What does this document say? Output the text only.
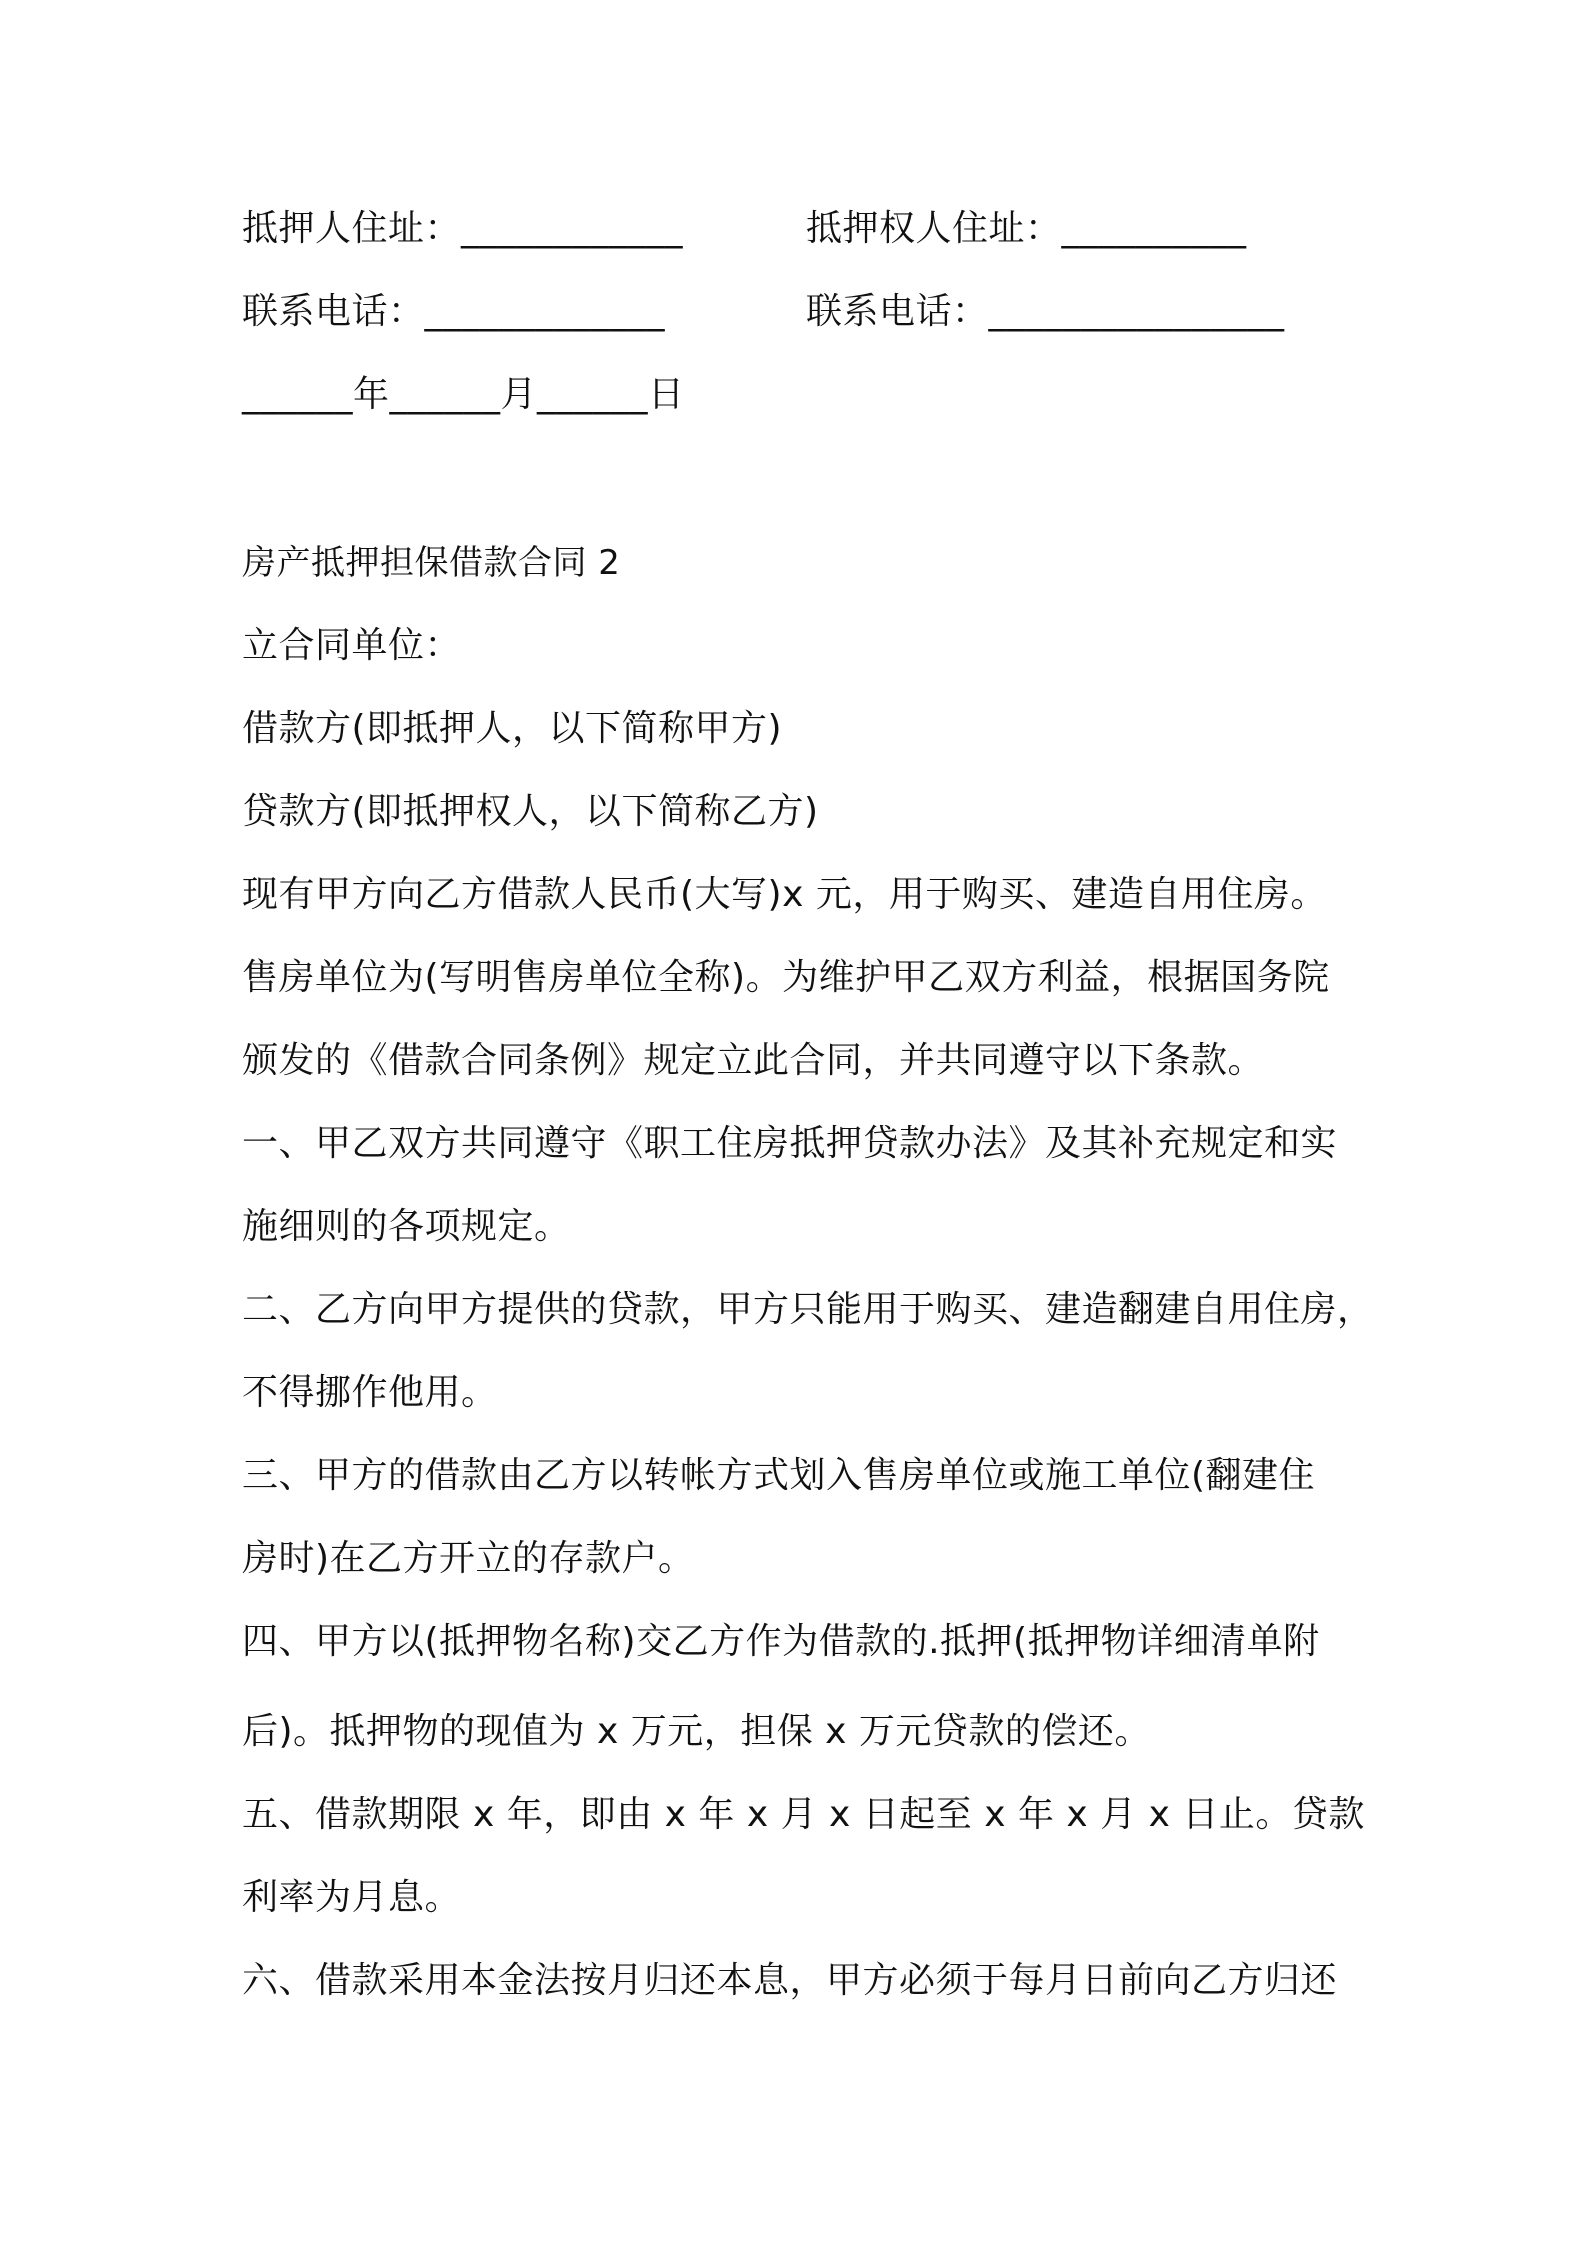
抵押人住址：____________	抵押权人住址：__________
联系电话：_____________	联系电话：________________
______年______月______日
房产抵押担保借款合同 2
立合同单位：
借款方(即抵押人，以下简称甲方)
贷款方(即抵押权人，以下简称乙方)
现有甲方向乙方借款人民币(大写)x 元，用于购买、建造自用住房。
售房单位为(写明售房单位全称)。为维护甲乙双方利益，根据国务院
颁发的《借款合同条例》规定立此合同，并共同遵守以下条款。
一、甲乙双方共同遵守《职工住房抵押贷款办法》及其补充规定和实
施细则的各项规定。
二、乙方向甲方提供的贷款，甲方只能用于购买、建造翻建自用住房，
不得挪作他用。
三、甲方的借款由乙方以转帐方式划入售房单位或施工单位(翻建住
房时)在乙方开立的存款户。
四、甲方以(抵押物名称)交乙方作为借款的.抵押(抵押物详细清单附
后)。抵押物的现值为 x 万元，担保 x 万元贷款的偿还。
五、借款期限 x 年，即由 x 年 x 月 x 日起至 x 年 x 月 x 日止。贷款
利率为月息。
六、借款采用本金法按月归还本息，甲方必须于每月日前向乙方归还
